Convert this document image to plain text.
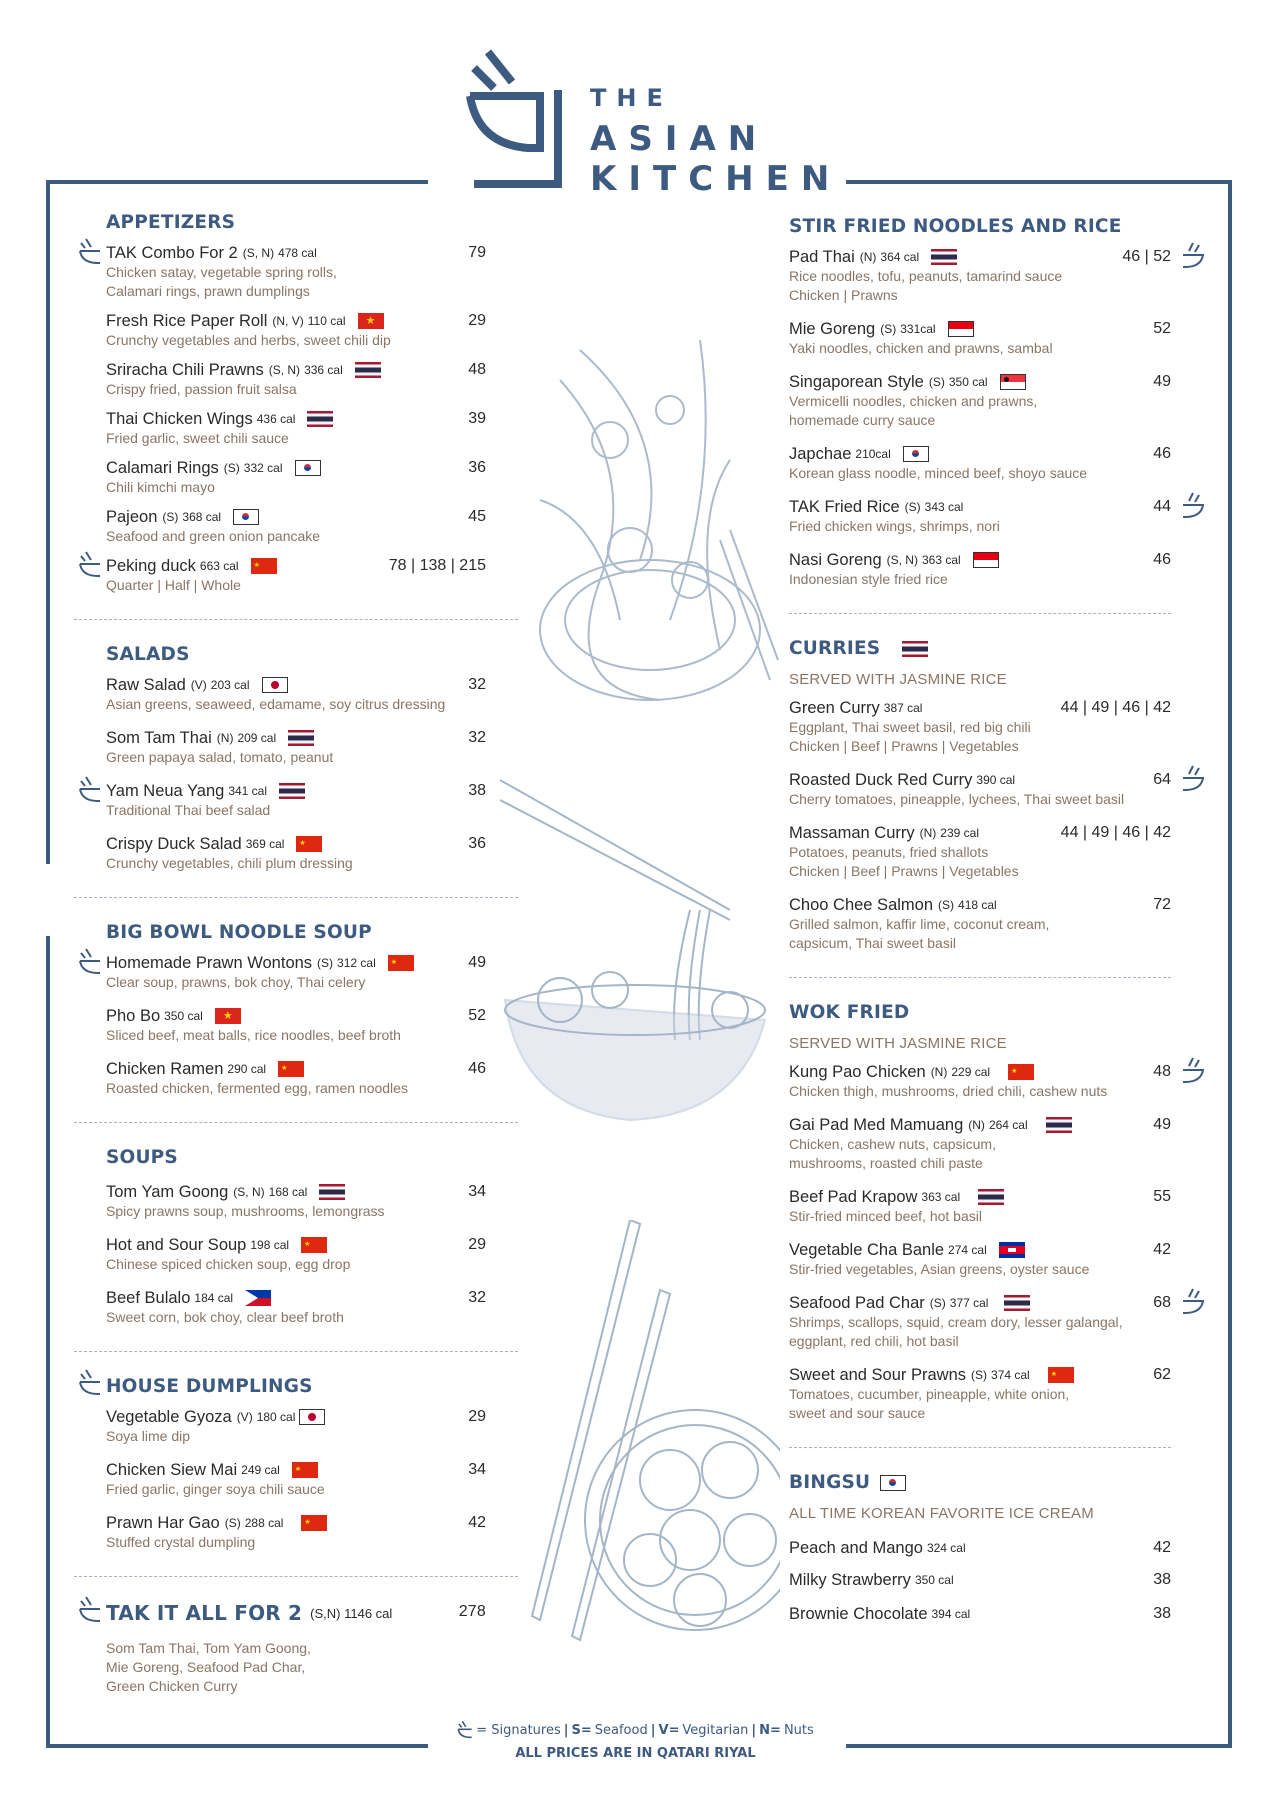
THE
ASIAN
KITCHEN
APPETIZERS
TAK Combo For 2 (S, N) 478 cal	79
Chicken satay, vegetable spring rolls,
Calamari rings, prawn dumplings
Fresh Rice Paper Roll (N, V) 110 cal ★	29
Crunchy vegetables and herbs, sweet chili dip
Sriracha Chili Prawns (S, N) 336 cal	48
Crispy fried, passion fruit salsa
Thai Chicken Wings 436 cal	39
Fried garlic, sweet chili sauce
Calamari Rings (S) 332 cal	36
Chili kimchi mayo
Pajeon (S) 368 cal	45
Seafood and green onion pancake
Peking duck 663 cal ★	78 | 138 | 215
Quarter | Half | Whole
SALADS
Raw Salad (V) 203 cal	32
Asian greens, seaweed, edamame, soy citrus dressing
Som Tam Thai (N) 209 cal	32
Green papaya salad, tomato, peanut
Yam Neua Yang 341 cal	38
Traditional Thai beef salad
Crispy Duck Salad 369 cal ★	36
Crunchy vegetables, chili plum dressing
BIG BOWL NOODLE SOUP
Homemade Prawn Wontons (S) 312 cal ★	49
Clear soup, prawns, bok choy, Thai celery
Pho Bo 350 cal ★	52
Sliced beef, meat balls, rice noodles, beef broth
Chicken Ramen 290 cal ★	46
Roasted chicken, fermented egg, ramen noodles
SOUPS
Tom Yam Goong (S, N) 168 cal	34
Spicy prawns soup, mushrooms, lemongrass
Hot and Sour Soup 198 cal ★	29
Chinese spiced chicken soup, egg drop
Beef Bulalo 184 cal	32
Sweet corn, bok choy, clear beef broth
HOUSE DUMPLINGS
Vegetable Gyoza (V) 180 cal	29
Soya lime dip
Chicken Siew Mai 249 cal ★	34
Fried garlic, ginger soya chili sauce
Prawn Har Gao (S) 288 cal ★	42
Stuffed crystal dumpling
TAK IT ALL FOR 2 (S,N) 1146 cal	278
Som Tam Thai, Tom Yam Goong,
Mie Goreng, Seafood Pad Char,
Green Chicken Curry
STIR FRIED NOODLES AND RICE
Pad Thai (N) 364 cal	46 | 52
Rice noodles, tofu, peanuts, tamarind sauce
Chicken | Prawns
Mie Goreng (S) 331cal	52
Yaki noodles, chicken and prawns, sambal
Singaporean Style (S) 350 cal	49
Vermicelli noodles, chicken and prawns,
homemade curry sauce
Japchae 210cal	46
Korean glass noodle, minced beef, shoyo sauce
TAK Fried Rice (S) 343 cal	44
Fried chicken wings, shrimps, nori
Nasi Goreng (S, N) 363 cal	46
Indonesian style fried rice
CURRIES
SERVED WITH JASMINE RICE
Green Curry 387 cal	44 | 49 | 46 | 42
Eggplant, Thai sweet basil, red big chili
Chicken | Beef | Prawns | Vegetables
Roasted Duck Red Curry 390 cal	64
Cherry tomatoes, pineapple, lychees, Thai sweet basil
Massaman Curry (N) 239 cal	44 | 49 | 46 | 42
Potatoes, peanuts, fried shallots
Chicken | Beef | Prawns | Vegetables
Choo Chee Salmon (S) 418 cal	72
Grilled salmon, kaffir lime, coconut cream,
capsicum, Thai sweet basil
WOK FRIED
SERVED WITH JASMINE RICE
Kung Pao Chicken (N) 229 cal ★	48
Chicken thigh, mushrooms, dried chili, cashew nuts
Gai Pad Med Mamuang (N) 264 cal	49
Chicken, cashew nuts, capsicum,
mushrooms, roasted chili paste
Beef Pad Krapow 363 cal	55
Stir-fried minced beef, hot basil
Vegetable Cha Banle 274 cal	42
Stir-fried vegetables, Asian greens, oyster sauce
Seafood Pad Char (S) 377 cal	68
Shrimps, scallops, squid, cream dory, lesser galangal,
eggplant, red chili, hot basil
Sweet and Sour Prawns (S) 374 cal ★	62
Tomatoes, cucumber, pineapple, white onion,
sweet and sour sauce
BINGSU
ALL TIME KOREAN FAVORITE ICE CREAM
Peach and Mango 324 cal	42
Milky Strawberry 350 cal	38
Brownie Chocolate 394 cal	38
= Signatures | S= Seafood | V= Vegitarian | N= Nuts
ALL PRICES ARE IN QATARI RIYAL
